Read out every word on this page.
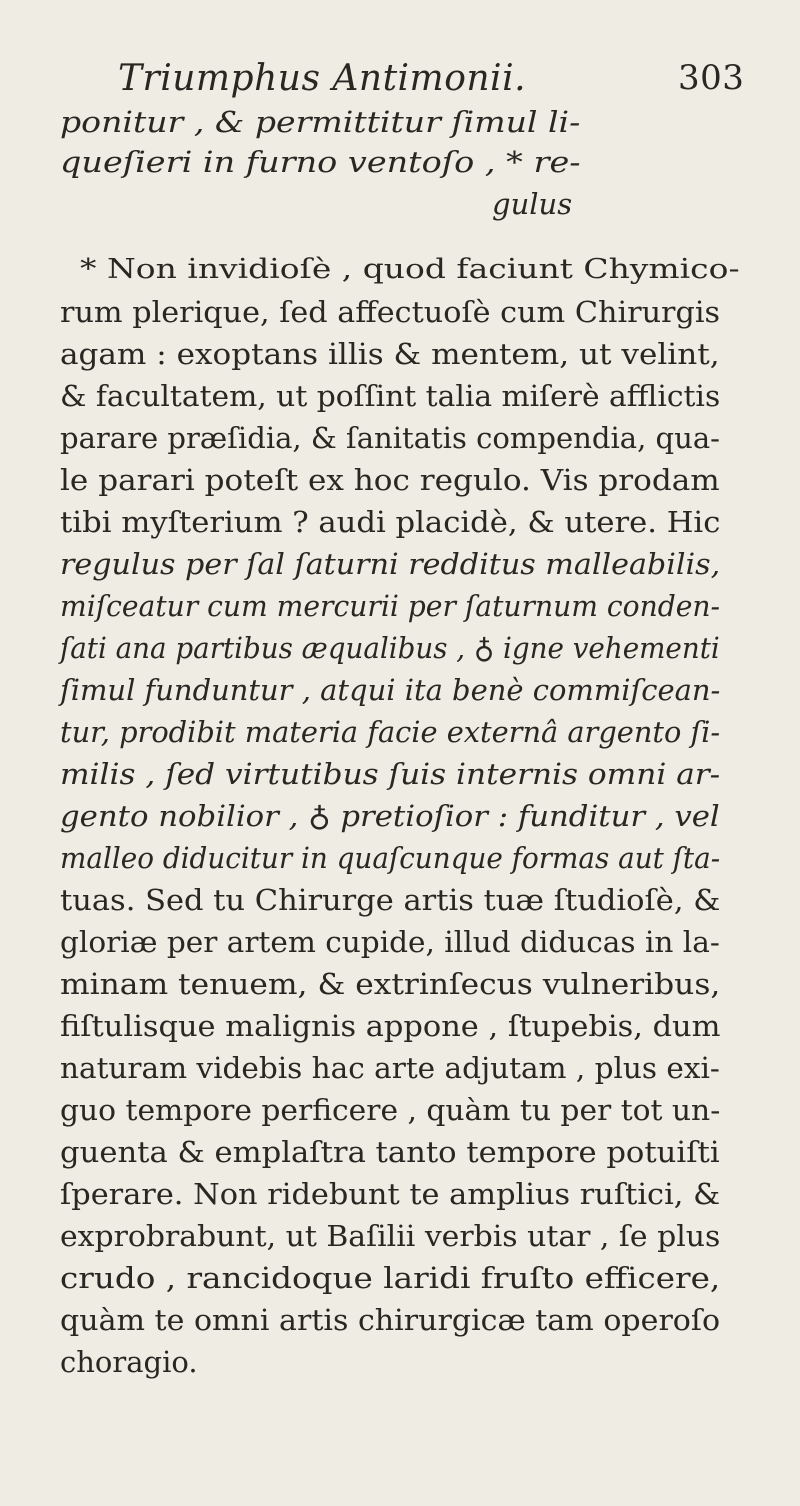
Triumphus Antimonii.	303
ponitur , & permittitur ſimul li-
queſieri in furno ventoſo , * re-
gulus
* Non invidioſè , quod faciunt Chymico-
rum plerique, ſed affectuoſè cum Chirurgis
agam : exoptans illis & mentem, ut velint,
& facultatem, ut poſſint talia miſerè afflictis
parare præſidia, & ſanitatis compendia, qua-
le parari poteſt ex hoc regulo. Vis prodam
tibi myſterium ? audi placidè, & utere. Hic
regulus per ſal ſaturni redditus malleabilis,
miſceatur cum mercurii per ſaturnum conden-
ſati ana partibus æqualibus , ♁ igne vehementi
ſimul funduntur , atqui ita benè commiſcean-
tur, prodibit materia facie externâ argento ſi-
milis , ſed virtutibus ſuis internis omni ar-
gento nobilior , ♁ pretioſior : funditur , vel
malleo diducitur in quaſcunque formas aut ſta-
tuas. Sed tu Chirurge artis tuæ ſtudioſè, &
gloriæ per artem cupide, illud diducas in la-
minam tenuem, & extrinſecus vulneribus,
fiſtulisque malignis appone , ſtupebis, dum
naturam videbis hac arte adjutam , plus exi-
guo tempore perficere , quàm tu per tot un-
guenta & emplaſtra tanto tempore potuiſti
ſperare. Non ridebunt te amplius ruſtici, &
exprobrabunt, ut Baſilii verbis utar , ſe plus
crudo , rancidoque laridi fruſto efficere,
quàm te omni artis chirurgicæ tam operoſo
choragio.
